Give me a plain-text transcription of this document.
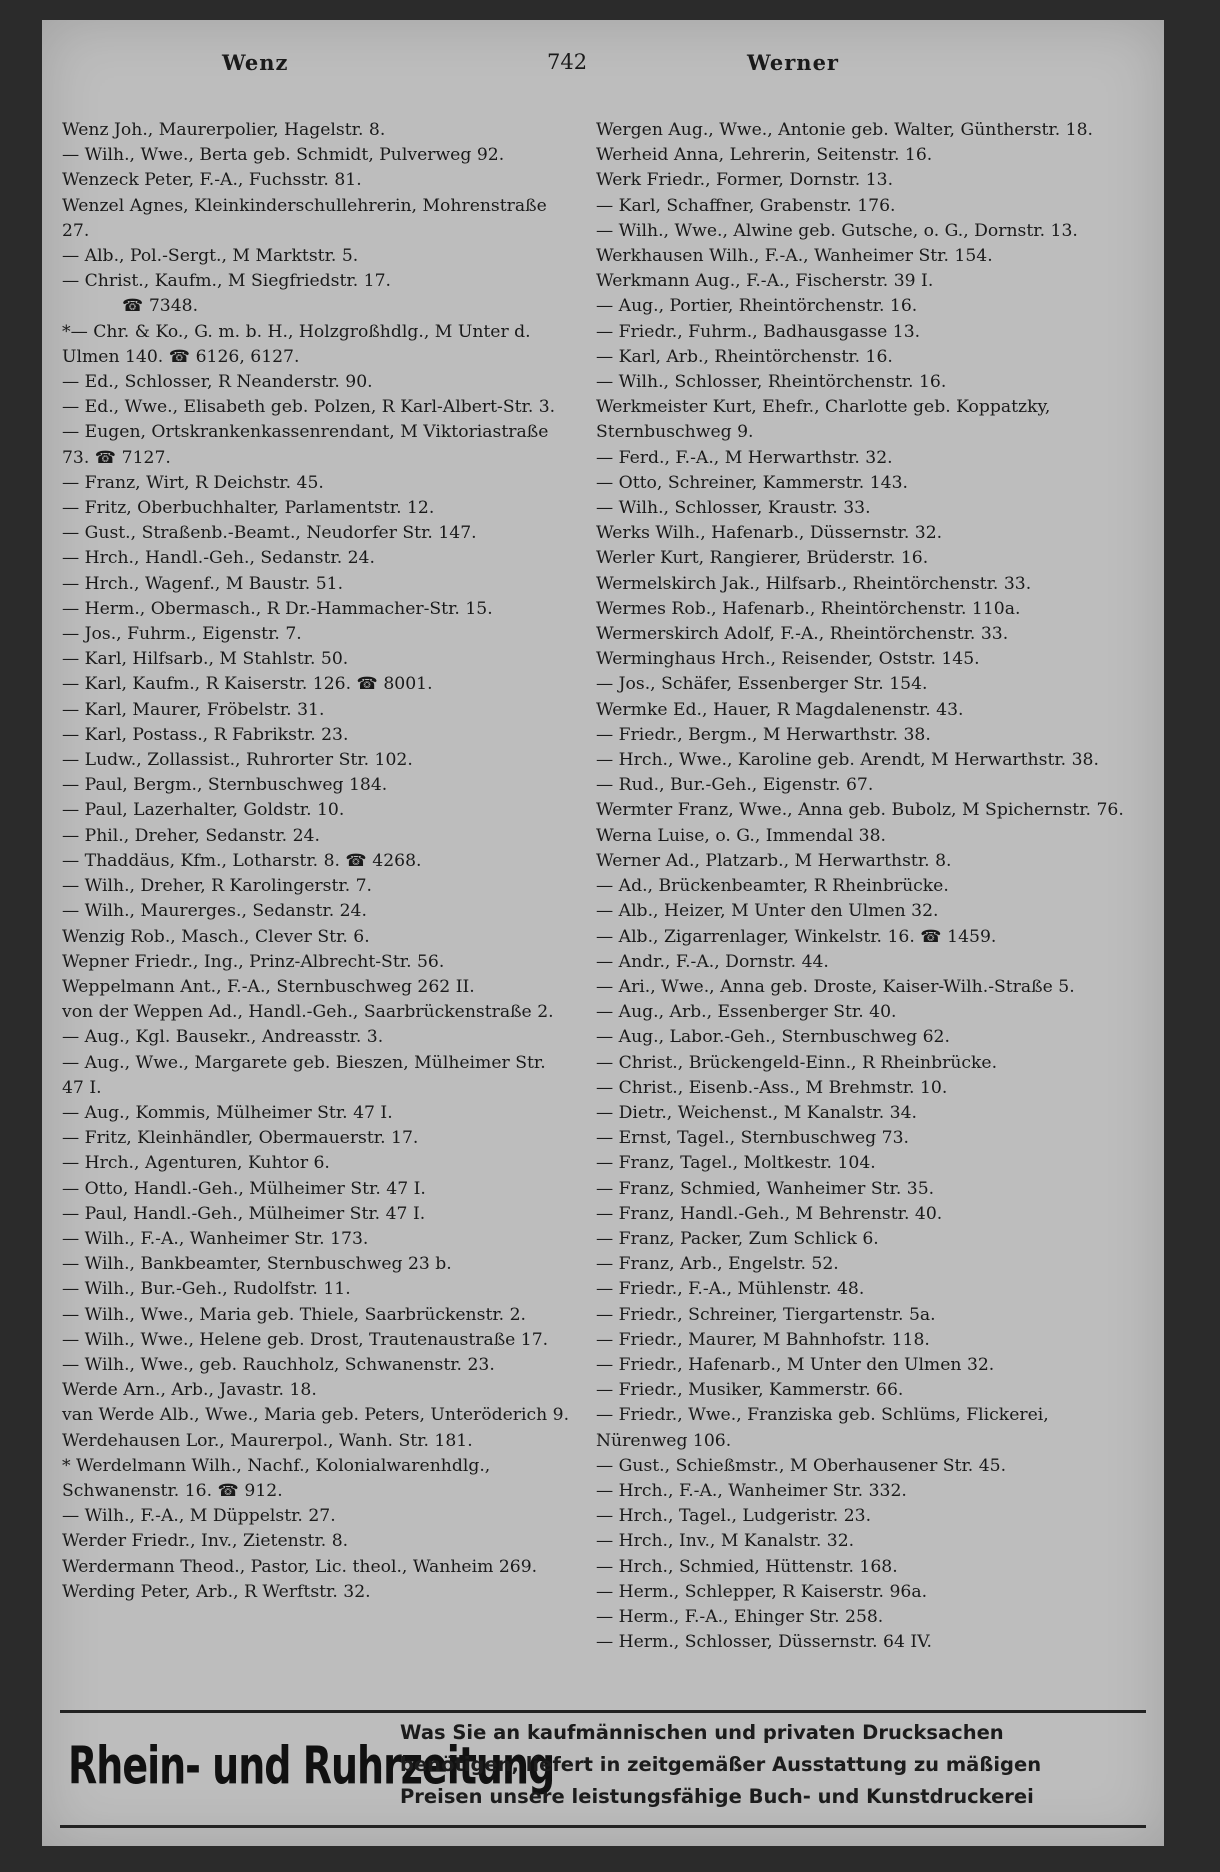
Wenz	742	Werner

Wenz Joh., Maurerpolier, Hagelstr. 8.

— Wilh., Wwe., Berta geb. Schmidt, Pulverweg 92.

Wenzeck Peter, F.-A., Fuchsstr. 81.

Wenzel Agnes, Kleinkinderschullehrerin, Mohrenstraße 27.

— Alb., Pol.-Sergt., M Marktstr. 5.

— Christ., Kaufm., M Siegfriedstr. 17.

☎ 7348.

*— Chr. & Ko., G. m. b. H., Holzgroßhdlg., M Unter d. Ulmen 140. ☎ 6126, 6127.

— Ed., Schlosser, R Neanderstr. 90.

— Ed., Wwe., Elisabeth geb. Polzen, R Karl-Albert-Str. 3.

— Eugen, Ortskrankenkassenrendant, M Viktoriastraße 73. ☎ 7127.

— Franz, Wirt, R Deichstr. 45.

— Fritz, Oberbuchhalter, Parlamentstr. 12.

— Gust., Straßenb.-Beamt., Neudorfer Str. 147.

— Hrch., Handl.-Geh., Sedanstr. 24.

— Hrch., Wagenf., M Baustr. 51.

— Herm., Obermasch., R Dr.-Hammacher-Str. 15.

— Jos., Fuhrm., Eigenstr. 7.

— Karl, Hilfsarb., M Stahlstr. 50.

— Karl, Kaufm., R Kaiserstr. 126. ☎ 8001.

— Karl, Maurer, Fröbelstr. 31.

— Karl, Postass., R Fabrikstr. 23.

— Ludw., Zollassist., Ruhrorter Str. 102.

— Paul, Bergm., Sternbuschweg 184.

— Paul, Lazerhalter, Goldstr. 10.

— Phil., Dreher, Sedanstr. 24.

— Thaddäus, Kfm., Lotharstr. 8. ☎ 4268.

— Wilh., Dreher, R Karolingerstr. 7.

— Wilh., Maurerges., Sedanstr. 24.

Wenzig Rob., Masch., Clever Str. 6.

Wepner Friedr., Ing., Prinz-Albrecht-Str. 56.

Weppelmann Ant., F.-A., Sternbuschweg 262 II.

von der Weppen Ad., Handl.-Geh., Saarbrückenstraße 2.

— Aug., Kgl. Bausekr., Andreasstr. 3.

— Aug., Wwe., Margarete geb. Bieszen, Mülheimer Str. 47 I.

— Aug., Kommis, Mülheimer Str. 47 I.

— Fritz, Kleinhändler, Obermauerstr. 17.

— Hrch., Agenturen, Kuhtor 6.

— Otto, Handl.-Geh., Mülheimer Str. 47 I.

— Paul, Handl.-Geh., Mülheimer Str. 47 I.

— Wilh., F.-A., Wanheimer Str. 173.

— Wilh., Bankbeamter, Sternbuschweg 23 b.

— Wilh., Bur.-Geh., Rudolfstr. 11.

— Wilh., Wwe., Maria geb. Thiele, Saarbrückenstr. 2.

— Wilh., Wwe., Helene geb. Drost, Trautenaustraße 17.

— Wilh., Wwe., geb. Rauchholz, Schwanenstr. 23.

Werde Arn., Arb., Javastr. 18.

van Werde Alb., Wwe., Maria geb. Peters, Unteröderich 9.

Werdehausen Lor., Maurerpol., Wanh. Str. 181.

* Werdelmann Wilh., Nachf., Kolonialwarenhdlg., Schwanenstr. 16. ☎ 912.

— Wilh., F.-A., M Düppelstr. 27.

Werder Friedr., Inv., Zietenstr. 8.

Werdermann Theod., Pastor, Lic. theol., Wanheim 269.

Werding Peter, Arb., R Werftstr. 32.

Wergen Aug., Wwe., Antonie geb. Walter, Güntherstr. 18.

Werheid Anna, Lehrerin, Seitenstr. 16.

Werk Friedr., Former, Dornstr. 13.

— Karl, Schaffner, Grabenstr. 176.

— Wilh., Wwe., Alwine geb. Gutsche, o. G., Dornstr. 13.

Werkhausen Wilh., F.-A., Wanheimer Str. 154.

Werkmann Aug., F.-A., Fischerstr. 39 I.

— Aug., Portier, Rheintörchenstr. 16.

— Friedr., Fuhrm., Badhausgasse 13.

— Karl, Arb., Rheintörchenstr. 16.

— Wilh., Schlosser, Rheintörchenstr. 16.

Werkmeister Kurt, Ehefr., Charlotte geb. Koppatzky, Sternbuschweg 9.

— Ferd., F.-A., M Herwarthstr. 32.

— Otto, Schreiner, Kammerstr. 143.

— Wilh., Schlosser, Kraustr. 33.

Werks Wilh., Hafenarb., Düssernstr. 32.

Werler Kurt, Rangierer, Brüderstr. 16.

Wermelskirch Jak., Hilfsarb., Rheintörchenstr. 33.

Wermes Rob., Hafenarb., Rheintörchenstr. 110a.

Wermerskirch Adolf, F.-A., Rheintörchenstr. 33.

Werminghaus Hrch., Reisender, Oststr. 145.

— Jos., Schäfer, Essenberger Str. 154.

Wermke Ed., Hauer, R Magdalenenstr. 43.

— Friedr., Bergm., M Herwarthstr. 38.

— Hrch., Wwe., Karoline geb. Arendt, M Herwarthstr. 38.

— Rud., Bur.-Geh., Eigenstr. 67.

Wermter Franz, Wwe., Anna geb. Bubolz, M Spichernstr. 76.

Werna Luise, o. G., Immendal 38.

Werner Ad., Platzarb., M Herwarthstr. 8.

— Ad., Brückenbeamter, R Rheinbrücke.

— Alb., Heizer, M Unter den Ulmen 32.

— Alb., Zigarrenlager, Winkelstr. 16. ☎ 1459.

— Andr., F.-A., Dornstr. 44.

— Ari., Wwe., Anna geb. Droste, Kaiser-Wilh.-Straße 5.

— Aug., Arb., Essenberger Str. 40.

— Aug., Labor.-Geh., Sternbuschweg 62.

— Christ., Brückengeld-Einn., R Rheinbrücke.

— Christ., Eisenb.-Ass., M Brehmstr. 10.

— Dietr., Weichenst., M Kanalstr. 34.

— Ernst, Tagel., Sternbuschweg 73.

— Franz, Tagel., Moltkestr. 104.

— Franz, Schmied, Wanheimer Str. 35.

— Franz, Handl.-Geh., M Behrenstr. 40.

— Franz, Packer, Zum Schlick 6.

— Franz, Arb., Engelstr. 52.

— Friedr., F.-A., Mühlenstr. 48.

— Friedr., Schreiner, Tiergartenstr. 5a.

— Friedr., Maurer, M Bahnhofstr. 118.

— Friedr., Hafenarb., M Unter den Ulmen 32.

— Friedr., Musiker, Kammerstr. 66.

— Friedr., Wwe., Franziska geb. Schlüms, Flickerei, Nürenweg 106.

— Gust., Schießmstr., M Oberhausener Str. 45.

— Hrch., F.-A., Wanheimer Str. 332.

— Hrch., Tagel., Ludgeristr. 23.

— Hrch., Inv., M Kanalstr. 32.

— Hrch., Schmied, Hüttenstr. 168.

— Herm., Schlepper, R Kaiserstr. 96a.

— Herm., F.-A., Ehinger Str. 258.

— Herm., Schlosser, Düssernstr. 64 IV.

Rhein- und Ruhrzeitung
Was Sie an kaufmännischen und privaten Drucksachen
benötigen, liefert in zeitgemäßer Ausstattung zu mäßigen
Preisen unsere leistungsfähige Buch- und Kunstdruckerei
